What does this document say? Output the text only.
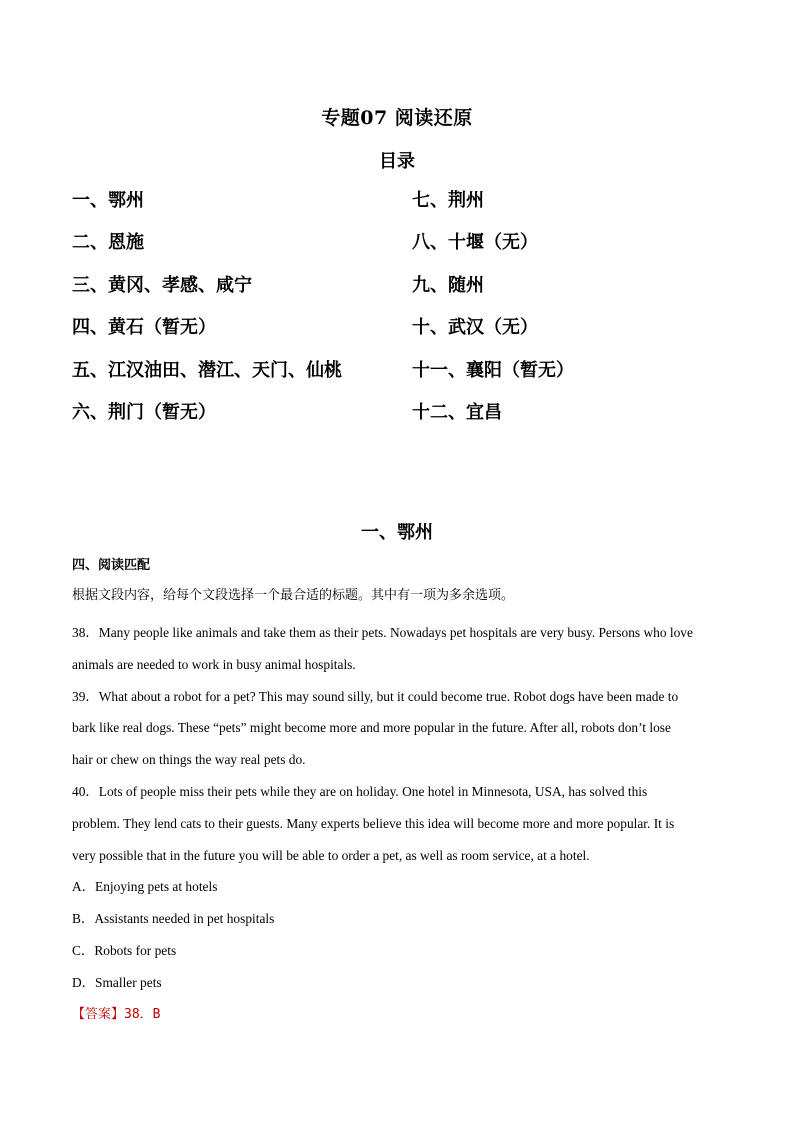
专题07 阅读还原
目录
一、鄂州	七、荆州
二、恩施	八、十堰（无）
三、黄冈、孝感、咸宁	九、随州
四、黄石（暂无）	十、武汉（无）
五、江汉油田、潜江、天门、仙桃	十一、襄阳（暂无）
六、荆门（暂无）	十二、宜昌
一、鄂州
四、阅读匹配
根据文段内容，给每个文段选择一个最合适的标题。其中有一项为多余选项。

38．Many people like animals and take them as their pets. Nowadays pet hospitals are very busy. Persons who love

animals are needed to work in busy animal hospitals.

39．What about a robot for a pet? This may sound silly, but it could become true. Robot dogs have been made to

bark like real dogs. These “pets” might become more and more popular in the future. After all, robots don’t lose

hair or chew on things the way real pets do.

40．Lots of people miss their pets while they are on holiday. One hotel in Minnesota, USA, has solved this

problem. They lend cats to their guests. Many experts believe this idea will become more and more popular. It is

very possible that in the future you will be able to order a pet, as well as room service, at a hotel.

A．Enjoying pets at hotels

B．Assistants needed in pet hospitals

C．Robots for pets

D．Smaller pets

【答案】38．B
